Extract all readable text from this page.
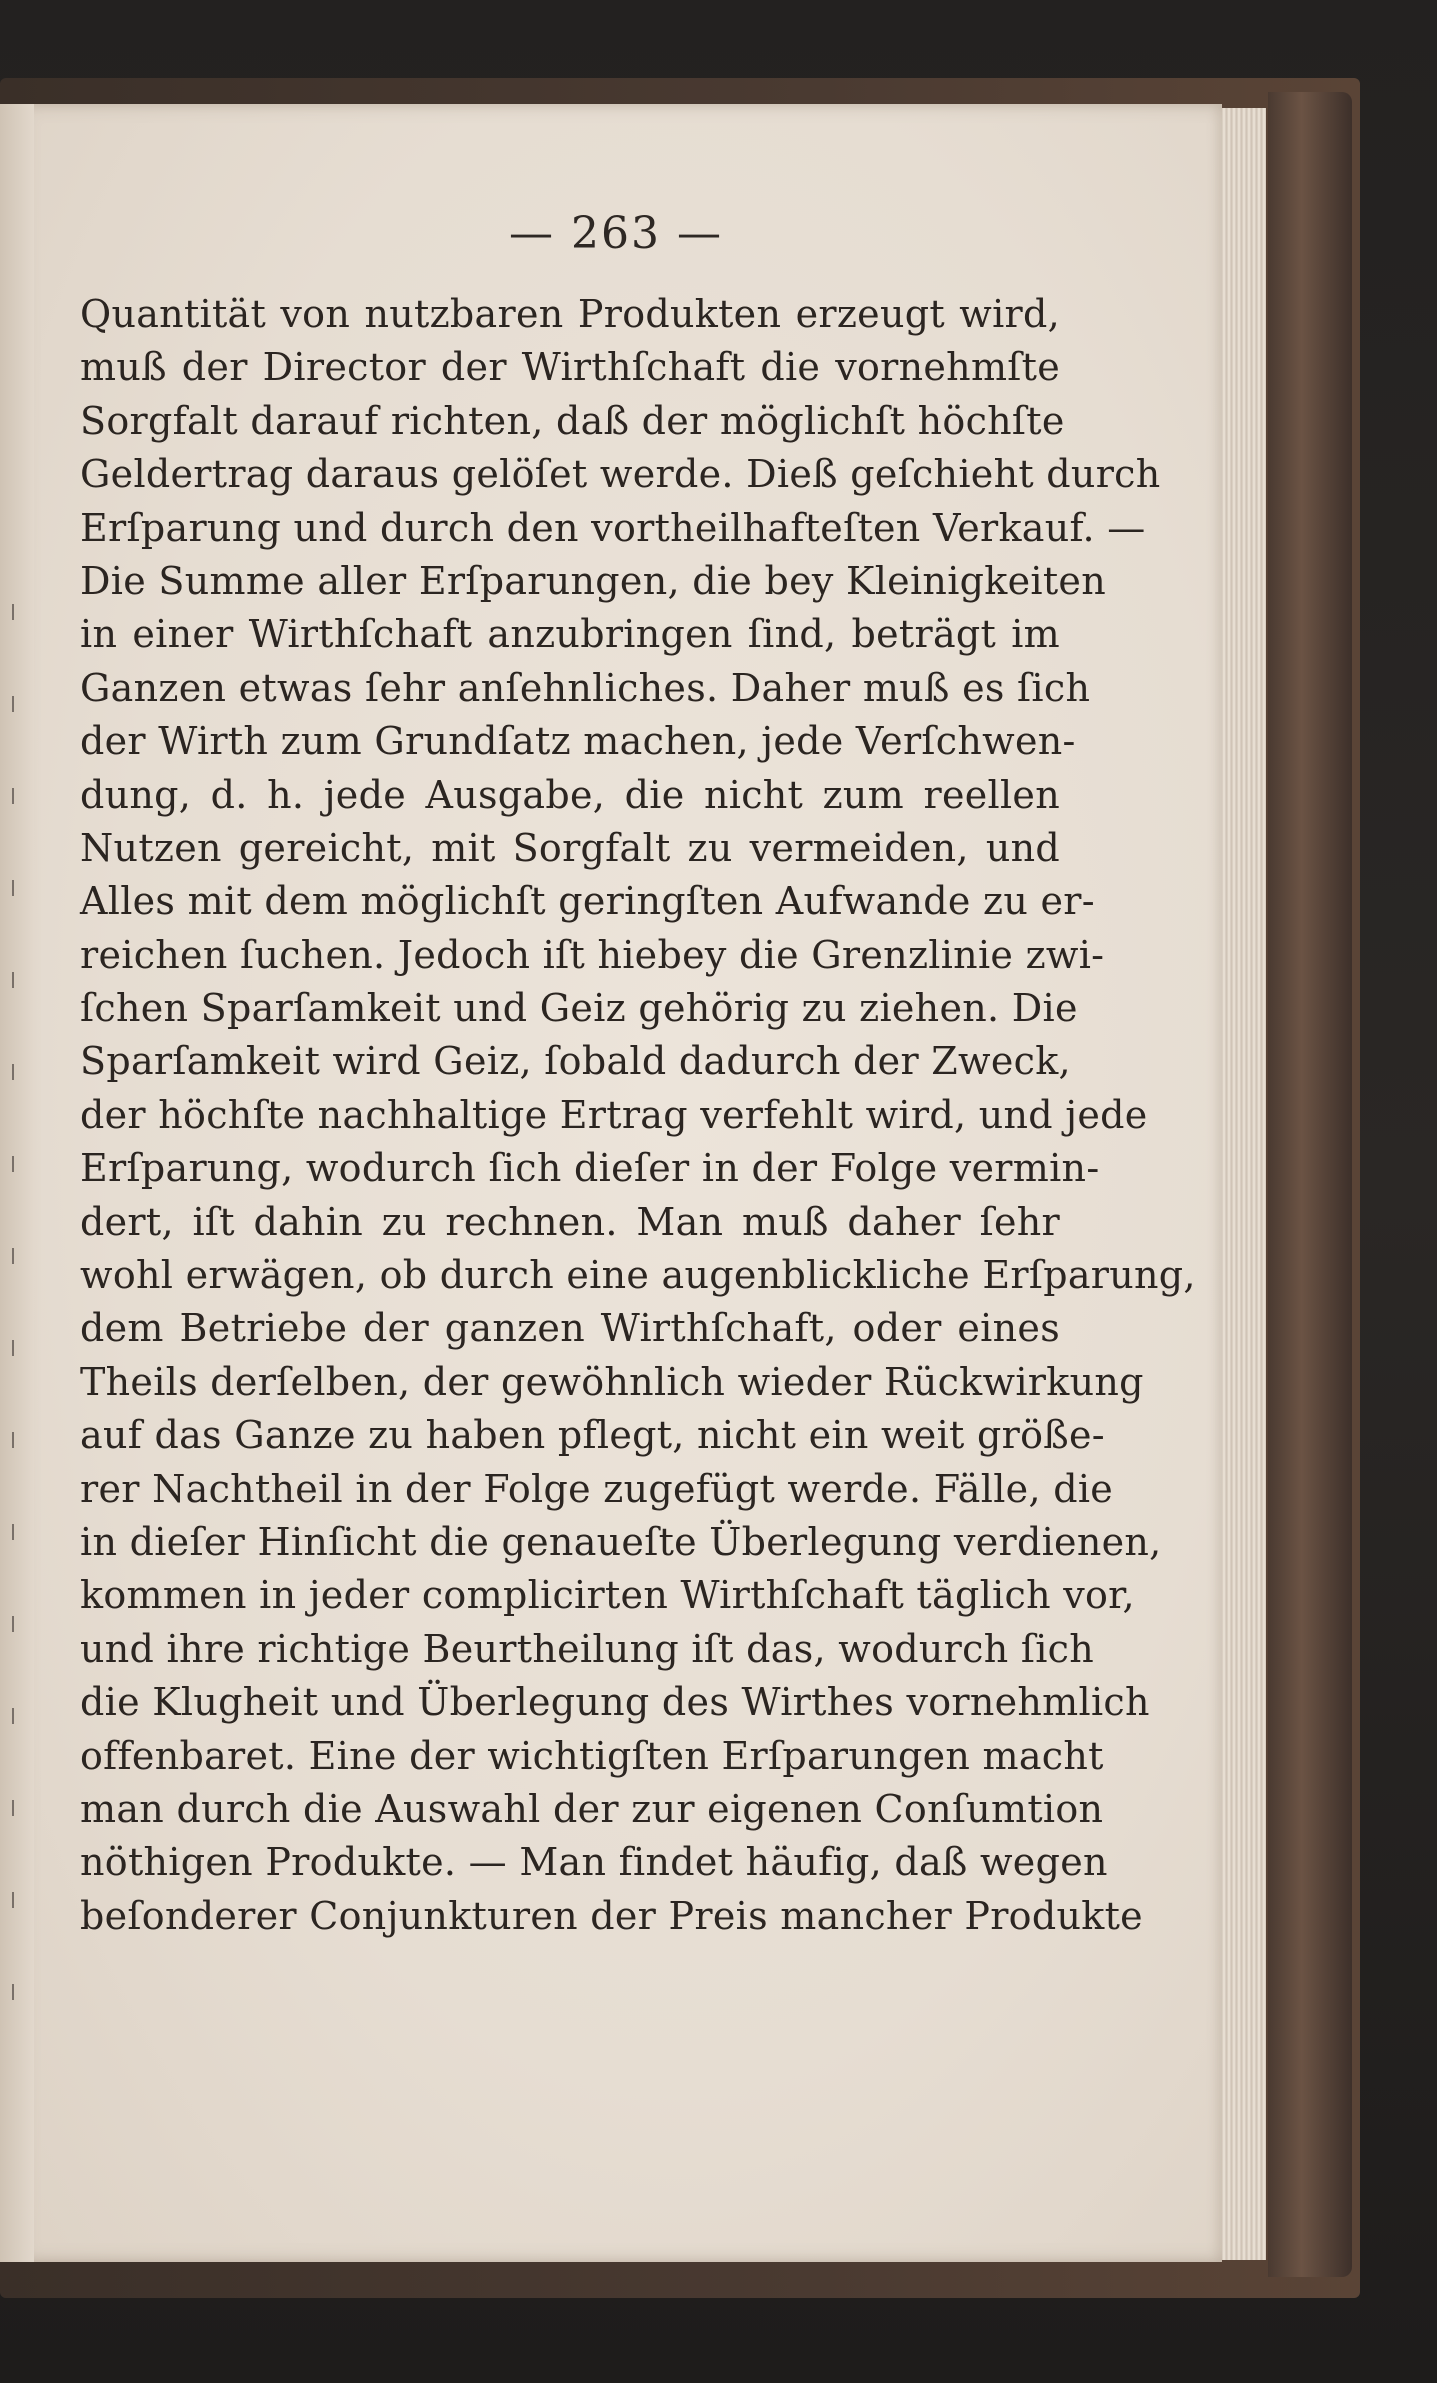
— 263 —
Quantität von nutzbaren Produkten erzeugt wird,
muß der Director der Wirthſchaft die vornehmſte
Sorgfalt darauf richten, daß der möglichſt höchſte
Geldertrag daraus gelöſet werde. Dieß geſchieht durch
Erſparung und durch den vortheilhafteſten Verkauf. —
Die Summe aller Erſparungen, die bey Kleinigkeiten
in einer Wirthſchaft anzubringen ſind, beträgt im
Ganzen etwas ſehr anſehnliches. Daher muß es ſich
der Wirth zum Grundſatz machen, jede Verſchwen-
dung, d. h. jede Ausgabe, die nicht zum reellen
Nutzen gereicht, mit Sorgfalt zu vermeiden, und
Alles mit dem möglichſt geringſten Aufwande zu er-
reichen ſuchen. Jedoch iſt hiebey die Grenzlinie zwi-
ſchen Sparſamkeit und Geiz gehörig zu ziehen. Die
Sparſamkeit wird Geiz, ſobald dadurch der Zweck,
der höchſte nachhaltige Ertrag verfehlt wird, und jede
Erſparung, wodurch ſich dieſer in der Folge vermin-
dert, iſt dahin zu rechnen. Man muß daher ſehr
wohl erwägen, ob durch eine augenblickliche Erſparung,
dem Betriebe der ganzen Wirthſchaft, oder eines
Theils derſelben, der gewöhnlich wieder Rückwirkung
auf das Ganze zu haben pflegt, nicht ein weit größe-
rer Nachtheil in der Folge zugefügt werde. Fälle, die
in dieſer Hinſicht die genaueſte Überlegung verdienen,
kommen in jeder complicirten Wirthſchaft täglich vor,
und ihre richtige Beurtheilung iſt das, wodurch ſich
die Klugheit und Überlegung des Wirthes vornehmlich
offenbaret. Eine der wichtigſten Erſparungen macht
man durch die Auswahl der zur eigenen Conſumtion
nöthigen Produkte. — Man findet häufig, daß wegen
beſonderer Conjunkturen der Preis mancher Produkte
